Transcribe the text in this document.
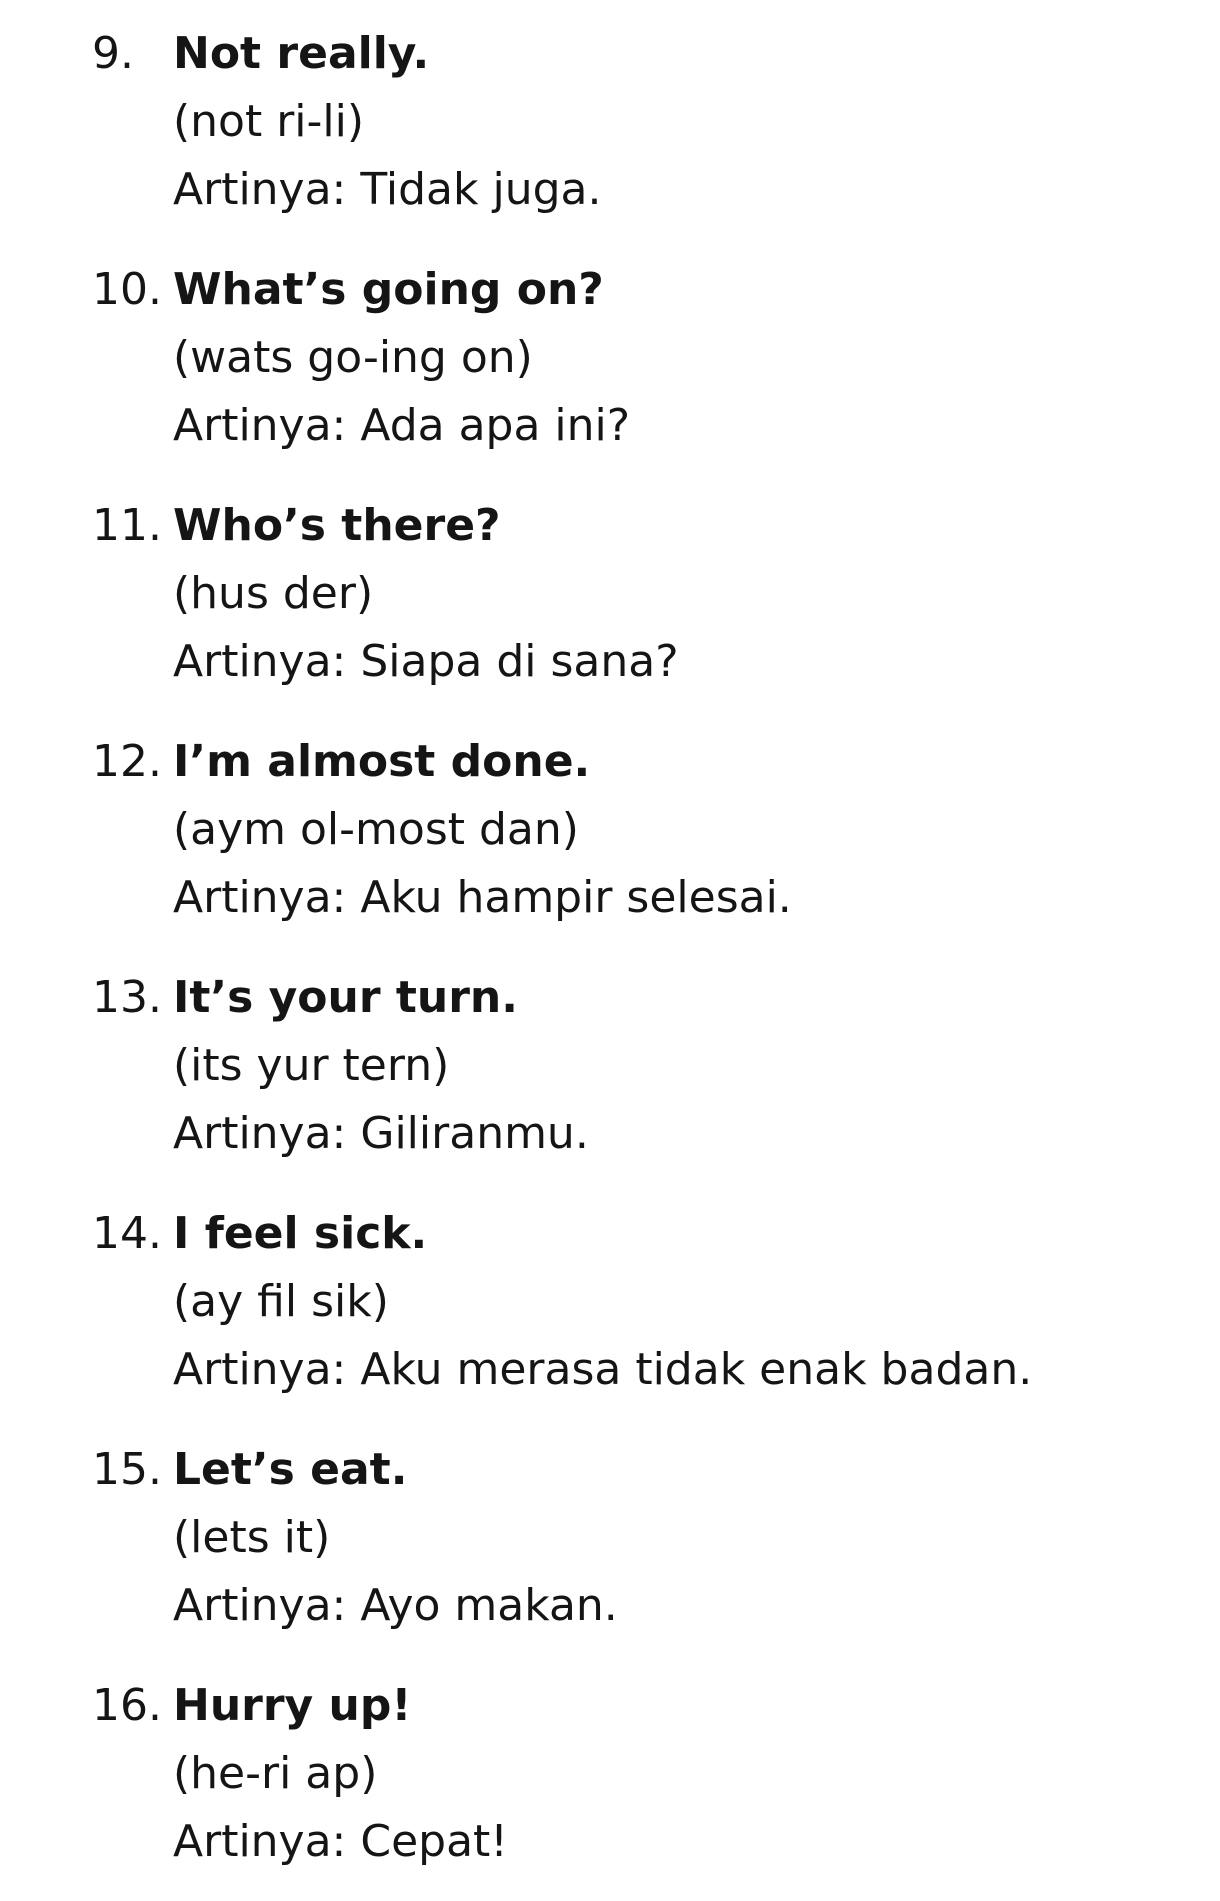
9. Not really.
(not ri-li)
Artinya: Tidak juga.
10. What’s going on?
(wats go-ing on)
Artinya: Ada apa ini?
11. Who’s there?
(hus der)
Artinya: Siapa di sana?
12. I’m almost done.
(aym ol-most dan)
Artinya: Aku hampir selesai.
13. It’s your turn.
(its yur tern)
Artinya: Giliranmu.
14. I feel sick.
(ay fil sik)
Artinya: Aku merasa tidak enak badan.
15. Let’s eat.
(lets it)
Artinya: Ayo makan.
16. Hurry up!
(he-ri ap)
Artinya: Cepat!
